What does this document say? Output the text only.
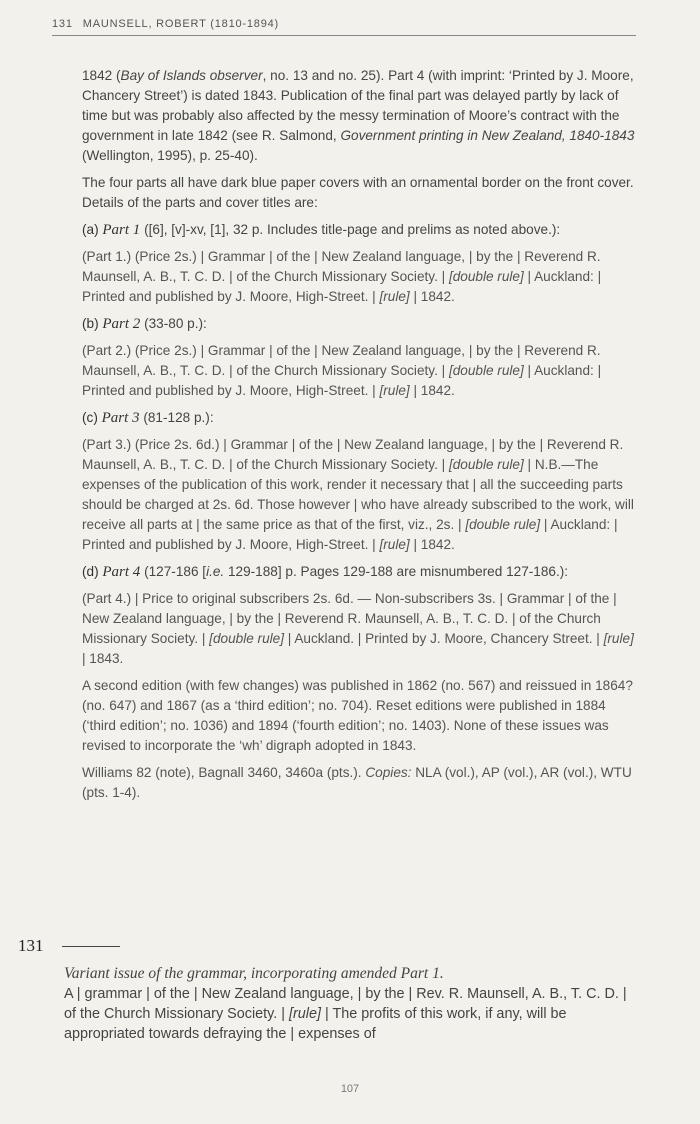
131 MAUNSELL, ROBERT (1810-1894)

1842 (Bay of Islands observer, no. 13 and no. 25). Part 4 (with imprint: ‘Printed by J. Moore, Chancery Street’) is dated 1843. Publication of the final part was delayed partly by lack of time but was probably also affected by the messy termination of Moore’s contract with the government in late 1842 (see R. Salmond, Government printing in New Zealand, 1840-1843 (Wellington, 1995), p. 25-40).

The four parts all have dark blue paper covers with an ornamental border on the front cover. Details of the parts and cover titles are:

(a) Part 1 ([6], [v]-xv, [1], 32 p. Includes title-page and prelims as noted above.):

(Part 1.) (Price 2s.) | Grammar | of the | New Zealand language, | by the | Reverend R. Maunsell, A. B., T. C. D. | of the Church Missionary Society. | [double rule] | Auckland: | Printed and published by J. Moore, High-Street. | [rule] | 1842.

(b) Part 2 (33-80 p.):

(Part 2.) (Price 2s.) | Grammar | of the | New Zealand language, | by the | Reverend R. Maunsell, A. B., T. C. D. | of the Church Missionary Society. | [double rule] | Auckland: | Printed and published by J. Moore, High-Street. | [rule] | 1842.

(c) Part 3 (81-128 p.):

(Part 3.) (Price 2s. 6d.) | Grammar | of the | New Zealand language, | by the | Reverend R. Maunsell, A. B., T. C. D. | of the Church Missionary Society. | [double rule] | N.B.—The expenses of the publication of this work, render it necessary that | all the succeeding parts should be charged at 2s. 6d. Those however | who have already subscribed to the work, will receive all parts at | the same price as that of the first, viz., 2s. | [double rule] | Auckland: | Printed and published by J. Moore, High-Street. | [rule] | 1842.

(d) Part 4 (127-186 [i.e. 129-188] p. Pages 129-188 are misnumbered 127-186.):

(Part 4.) | Price to original subscribers 2s. 6d. — Non-subscribers 3s. | Grammar | of the | New Zealand language, | by the | Reverend R. Maunsell, A. B., T. C. D. | of the Church Missionary Society. | [double rule] | Auckland. | Printed by J. Moore, Chancery Street. | [rule] | 1843.

A second edition (with few changes) was published in 1862 (no. 567) and reissued in 1864? (no. 647) and 1867 (as a ‘third edition’; no. 704). Reset editions were published in 1884 (‘third edition’; no. 1036) and 1894 (‘fourth edition’; no. 1403). None of these issues was revised to incorporate the ‘wh’ digraph adopted in 1843.

Williams 82 (note), Bagnall 3460, 3460a (pts.). Copies: NLA (vol.), AP (vol.), AR (vol.), WTU (pts. 1-4).

131
Variant issue of the grammar, incorporating amended Part 1.
A | grammar | of the | New Zealand language, | by the | Rev. R. Maunsell, A. B., T. C. D. | of the Church Missionary Society. | [rule] | The profits of this work, if any, will be appropriated towards defraying the | expenses of
107
